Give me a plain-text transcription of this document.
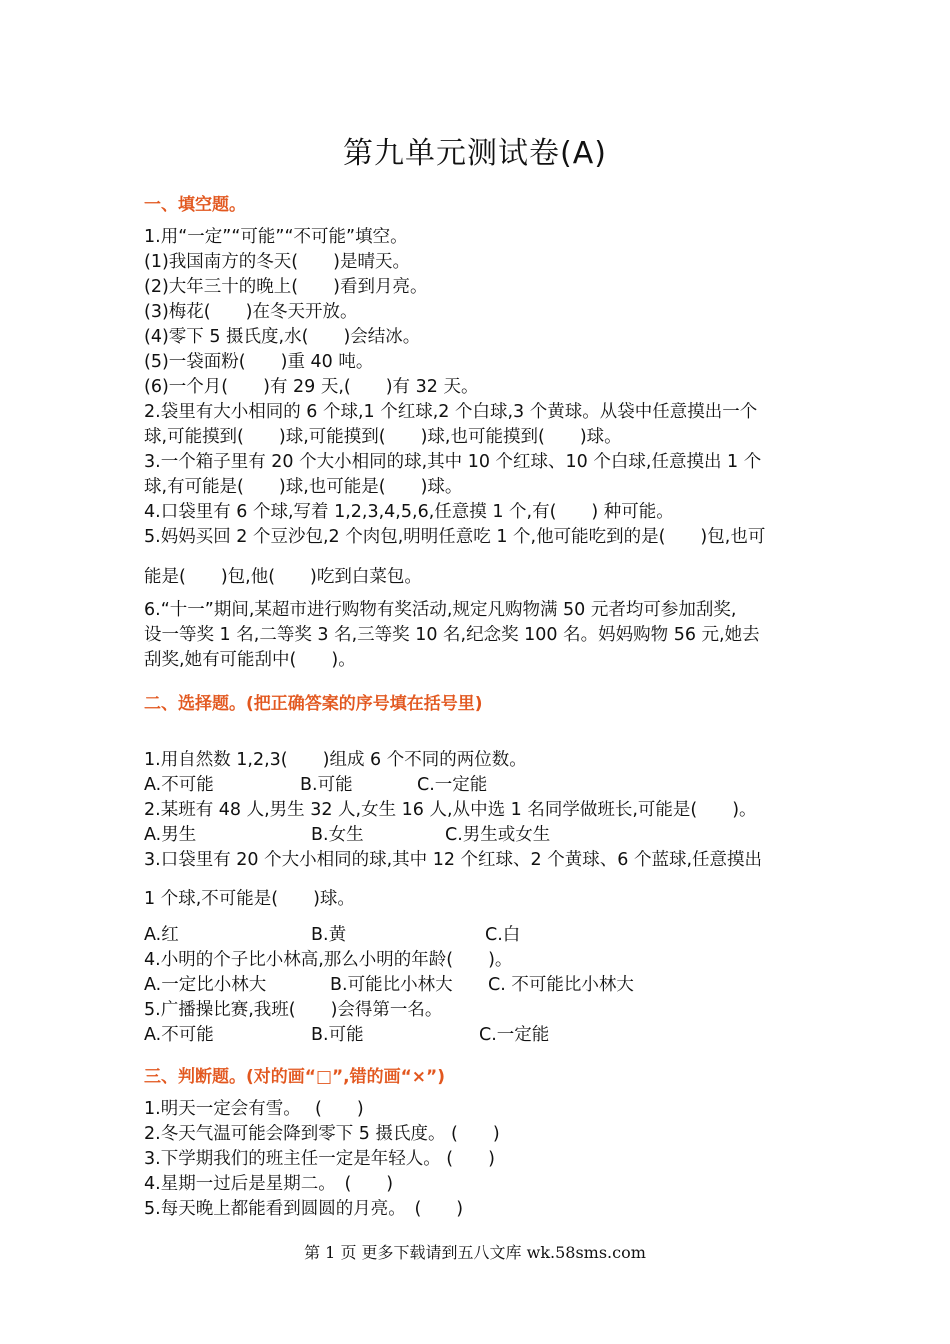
第九单元测试卷(A)
一、填空题。
1.用“一定”“可能”“不可能”填空。
(1)我国南方的冬天(　　)是晴天。
(2)大年三十的晚上(　　)看到月亮。
(3)梅花(　　)在冬天开放。
(4)零下 5 摄氏度,水(　　)会结冰。
(5)一袋面粉(　　)重 40 吨。
(6)一个月(　　)有 29 天,(　　)有 32 天。
2.袋里有大小相同的 6 个球,1 个红球,2 个白球,3 个黄球。从袋中任意摸出一个
球,可能摸到(　　)球,可能摸到(　　)球,也可能摸到(　　)球。
3.一个箱子里有 20 个大小相同的球,其中 10 个红球、10 个白球,任意摸出 1 个
球,有可能是(　　)球,也可能是(　　)球。
4.口袋里有 6 个球,写着 1,2,3,4,5,6,任意摸 1 个,有(　　) 种可能。
5.妈妈买回 2 个豆沙包,2 个肉包,明明任意吃 1 个,他可能吃到的是(　　)包,也可
能是(　　)包,他(　　)吃到白菜包。
6.“十一”期间,某超市进行购物有奖活动,规定凡购物满 50 元者均可参加刮奖,
设一等奖 1 名,二等奖 3 名,三等奖 10 名,纪念奖 100 名。妈妈购物 56 元,她去
刮奖,她有可能刮中(　　)。
二、选择题。(把正确答案的序号填在括号里)
1.用自然数 1,2,3(　　)组成 6 个不同的两位数。
A.不可能	B.可能	C.一定能
2.某班有 48 人,男生 32 人,女生 16 人,从中选 1 名同学做班长,可能是(　　)。
A.男生	B.女生	C.男生或女生
3.口袋里有 20 个大小相同的球,其中 12 个红球、2 个黄球、6 个蓝球,任意摸出
1 个球,不可能是(　　)球。
A.红	B.黄	C.白
4.小明的个子比小林高,那么小明的年龄(　　)。
A.一定比小林大	B.可能比小林大 C. 不可能比小林大
5.广播操比赛,我班(　　)会得第一名。
A.不可能	B.可能	C.一定能
三、判断题。(对的画“□”,错的画“×”)
1.明天一定会有雪。　 (　　)
2.冬天气温可能会降到零下 5 摄氏度。 (　　)
3.下学期我们的班主任一定是年轻人。 (　　)
4.星期一过后是星期二。　(　　)
5.每天晚上都能看到圆圆的月亮。　(　　)
第 1 页 更多下载请到五八文库 wk.58sms.com
